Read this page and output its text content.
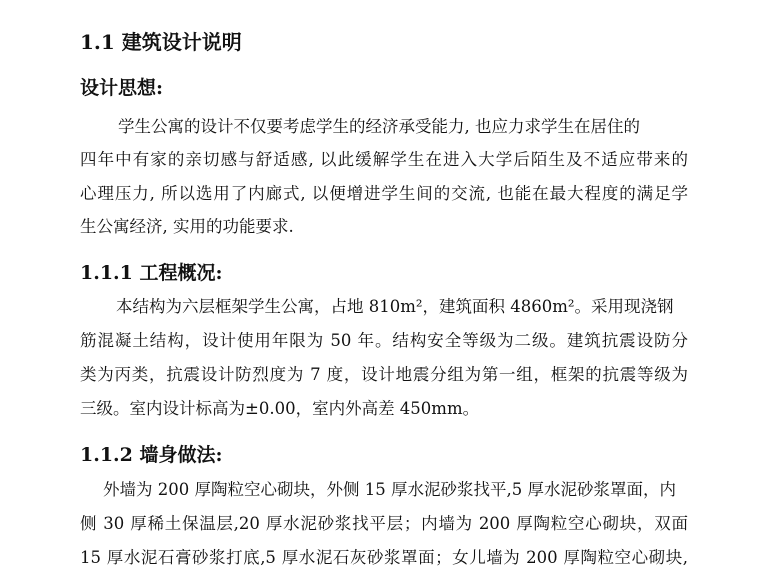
1.1 建筑设计说明
设计思想:

学生公寓的设计不仅要考虑学生的经济承受能力, 也应力求学生在居住的

四年中有家的亲切感与舒适感, 以此缓解学生在进入大学后陌生及不适应带来的

心理压力, 所以选用了内廊式, 以便增进学生间的交流, 也能在最大程度的满足学

生公寓经济, 实用的功能要求.

1.1.1 工程概况:

本结构为六层框架学生公寓，占地 810m²，建筑面积 4860m²。采用现浇钢

筋混凝土结构，设计使用年限为 50 年。结构安全等级为二级。建筑抗震设防分

类为丙类，抗震设计防烈度为 7 度，设计地震分组为第一组，框架的抗震等级为

三级。室内设计标高为±0.00，室内外高差 450mm。

1.1.2 墙身做法:

外墙为 200 厚陶粒空心砌块，外侧 15 厚水泥砂浆找平,5 厚水泥砂浆罩面，内

侧 30 厚稀土保温层,20 厚水泥砂浆找平层；内墙为 200 厚陶粒空心砌块，双面

15 厚水泥石膏砂浆打底,5 厚水泥石灰砂浆罩面；女儿墙为 200 厚陶粒空心砌块,
